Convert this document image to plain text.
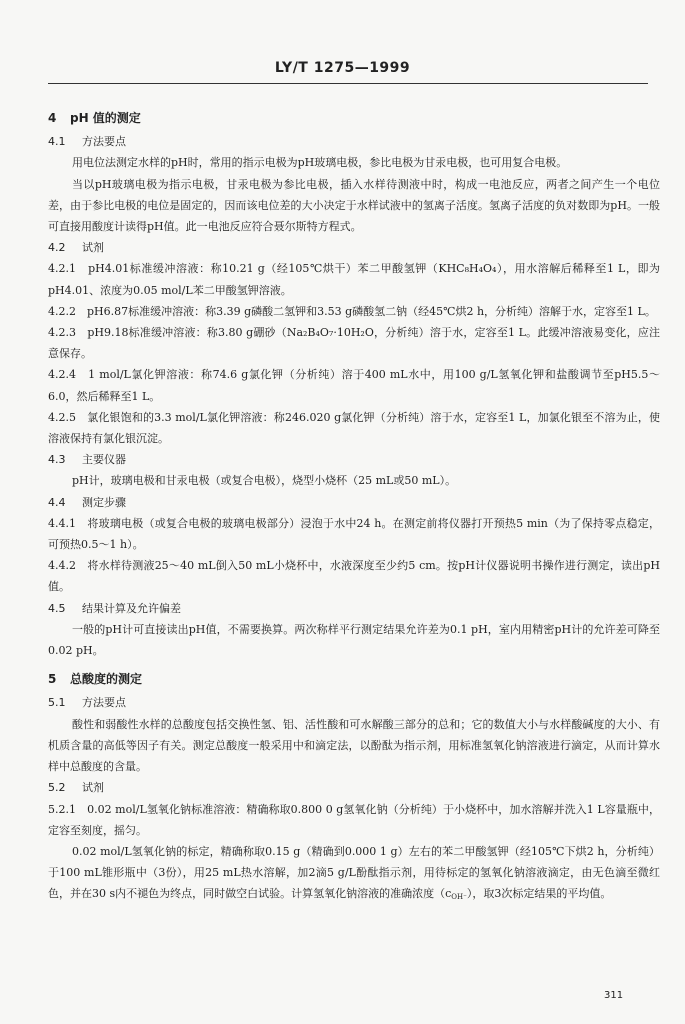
LY/T 1275—1999
4 pH 值的测定
4.1 方法要点

用电位法测定水样的pH时，常用的指示电极为pH玻璃电极，参比电极为甘汞电极，也可用复合电极。

当以pH玻璃电极为指示电极，甘汞电极为参比电极，插入水样待测液中时，构成一电池反应，两者之间产生一个电位差，由于参比电极的电位是固定的，因而该电位差的大小决定于水样试液中的氢离子活度。氢离子活度的负对数即为pH。一般可直接用酸度计读得pH值。此一电池反应符合聂尔斯特方程式。

4.2 试剂

4.2.1　pH4.01标准缓冲溶液：称10.21 g（经105℃烘干）苯二甲酸氢钾（KHC₈H₄O₄），用水溶解后稀释至1 L，即为pH4.01、浓度为0.05 mol/L苯二甲酸氢钾溶液。

4.2.2　pH6.87标准缓冲溶液：称3.39 g磷酸二氢钾和3.53 g磷酸氢二钠（经45℃烘2 h，分析纯）溶解于水，定容至1 L。

4.2.3　pH9.18标准缓冲溶液：称3.80 g硼砂（Na₂B₄O₇·10H₂O，分析纯）溶于水，定容至1 L。此缓冲溶液易变化，应注意保存。

4.2.4　1 mol/L氯化钾溶液：称74.6 g氯化钾（分析纯）溶于400 mL水中，用100 g/L氢氧化钾和盐酸调节至pH5.5～6.0，然后稀释至1 L。

4.2.5　氯化银饱和的3.3 mol/L氯化钾溶液：称246.020 g氯化钾（分析纯）溶于水，定容至1 L，加氯化银至不溶为止，使溶液保持有氯化银沉淀。

4.3 主要仪器

pH计，玻璃电极和甘汞电极（或复合电极），烧型小烧杯（25 mL或50 mL）。

4.4 测定步骤

4.4.1　将玻璃电极（或复合电极的玻璃电极部分）浸泡于水中24 h。在测定前将仪器打开预热5 min（为了保持零点稳定，可预热0.5～1 h）。

4.4.2　将水样待测液25～40 mL倒入50 mL小烧杯中，水液深度至少约5 cm。按pH计仪器说明书操作进行测定，读出pH值。

4.5 结果计算及允许偏差

一般的pH计可直接读出pH值，不需要换算。两次称样平行测定结果允许差为0.1 pH，室内用精密pH计的允许差可降至0.02 pH。

5 总酸度的测定
5.1 方法要点

酸性和弱酸性水样的总酸度包括交换性氢、铝、活性酸和可水解酸三部分的总和；它的数值大小与水样酸碱度的大小、有机质含量的高低等因子有关。测定总酸度一般采用中和滴定法，以酚酞为指示剂，用标准氢氧化钠溶液进行滴定，从而计算水样中总酸度的含量。

5.2 试剂

5.2.1　0.02 mol/L氢氧化钠标准溶液：精确称取0.800 0 g氢氧化钠（分析纯）于小烧杯中，加水溶解并洗入1 L容量瓶中，定容至刻度，摇匀。

0.02 mol/L氢氧化钠的标定，精确称取0.15 g（精确到0.000 1 g）左右的苯二甲酸氢钾（经105℃下烘2 h，分析纯）于100 mL锥形瓶中（3份），用25 mL热水溶解，加2滴5 g/L酚酞指示剂，用待标定的氢氧化钠溶液滴定，由无色滴至微红色，并在30 s内不褪色为终点，同时做空白试验。计算氢氧化钠溶液的准确浓度$(c_{OH^-})$，取3次标定结果的平均值。

311
